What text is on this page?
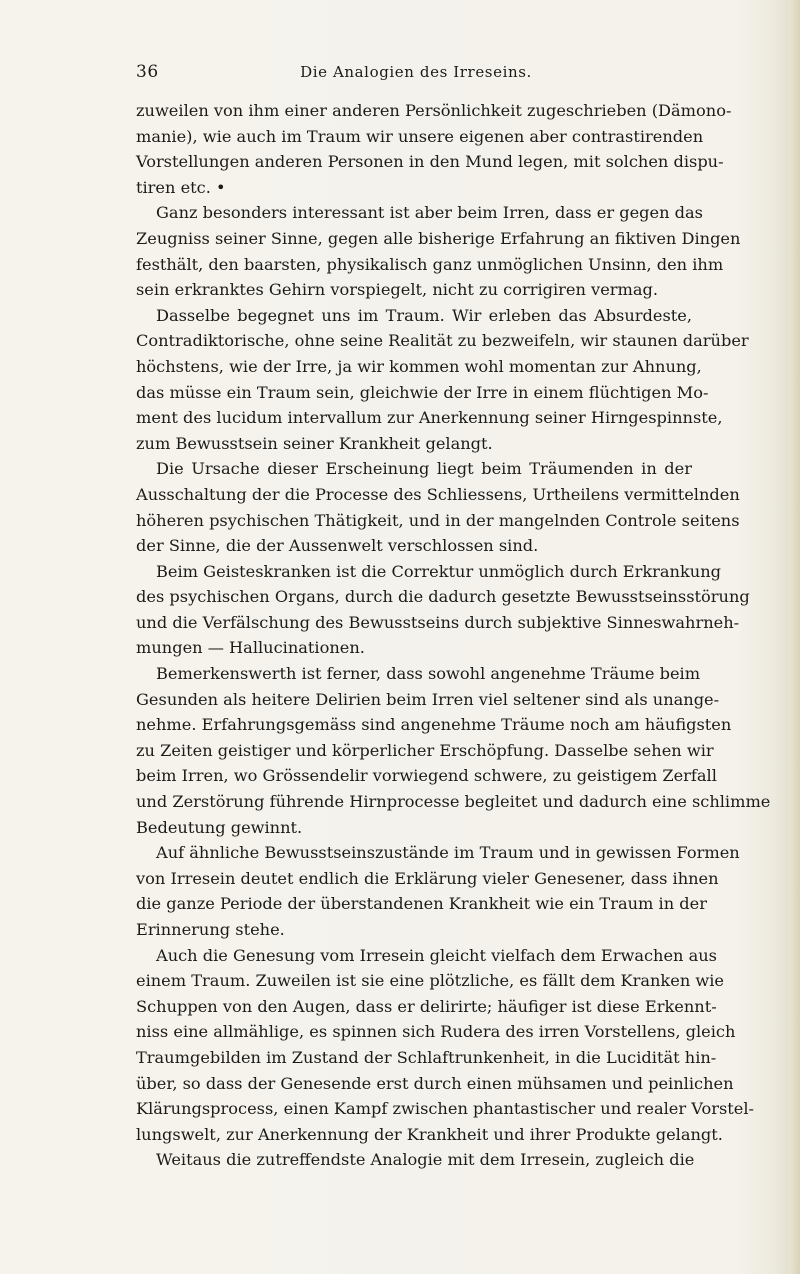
36	Die Analogien des Irreseins.
zuweilen von ihm einer anderen Persönlichkeit zugeschrieben (Dämono-
manie), wie auch im Traum wir unsere eigenen aber contrastirenden
Vorstellungen anderen Personen in den Mund legen, mit solchen dispu-
tiren etc. •
Ganz besonders interessant ist aber beim Irren, dass er gegen das
Zeugniss seiner Sinne, gegen alle bisherige Erfahrung an fiktiven Dingen
festhält, den baarsten, physikalisch ganz unmöglichen Unsinn, den ihm
sein erkranktes Gehirn vorspiegelt, nicht zu corrigiren vermag.
Dasselbe begegnet uns im Traum. Wir erleben das Absurdeste,
Contradiktorische, ohne seine Realität zu bezweifeln, wir staunen darüber
höchstens, wie der Irre, ja wir kommen wohl momentan zur Ahnung,
das müsse ein Traum sein, gleichwie der Irre in einem flüchtigen Mo-
ment des lucidum intervallum zur Anerkennung seiner Hirngespinnste,
zum Bewusstsein seiner Krankheit gelangt.
Die Ursache dieser Erscheinung liegt beim Träumenden in der
Ausschaltung der die Processe des Schliessens, Urtheilens vermittelnden
höheren psychischen Thätigkeit, und in der mangelnden Controle seitens
der Sinne, die der Aussenwelt verschlossen sind.
Beim Geisteskranken ist die Correktur unmöglich durch Erkrankung
des psychischen Organs, durch die dadurch gesetzte Bewusstseinsstörung
und die Verfälschung des Bewusstseins durch subjektive Sinneswahrneh-
mungen — Hallucinationen.
Bemerkenswerth ist ferner, dass sowohl angenehme Träume beim
Gesunden als heitere Delirien beim Irren viel seltener sind als unange-
nehme. Erfahrungsgemäss sind angenehme Träume noch am häufigsten
zu Zeiten geistiger und körperlicher Erschöpfung. Dasselbe sehen wir
beim Irren, wo Grössendelir vorwiegend schwere, zu geistigem Zerfall
und Zerstörung führende Hirnprocesse begleitet und dadurch eine schlimme
Bedeutung gewinnt.
Auf ähnliche Bewusstseinszustände im Traum und in gewissen Formen
von Irresein deutet endlich die Erklärung vieler Genesener, dass ihnen
die ganze Periode der überstandenen Krankheit wie ein Traum in der
Erinnerung stehe.
Auch die Genesung vom Irresein gleicht vielfach dem Erwachen aus
einem Traum. Zuweilen ist sie eine plötzliche, es fällt dem Kranken wie
Schuppen von den Augen, dass er delirirte; häufiger ist diese Erkennt-
niss eine allmählige, es spinnen sich Rudera des irren Vorstellens, gleich
Traumgebilden im Zustand der Schlaftrunkenheit, in die Lucidität hin-
über, so dass der Genesende erst durch einen mühsamen und peinlichen
Klärungsprocess, einen Kampf zwischen phantastischer und realer Vorstel-
lungswelt, zur Anerkennung der Krankheit und ihrer Produkte gelangt.
Weitaus die zutreffendste Analogie mit dem Irresein, zugleich die
